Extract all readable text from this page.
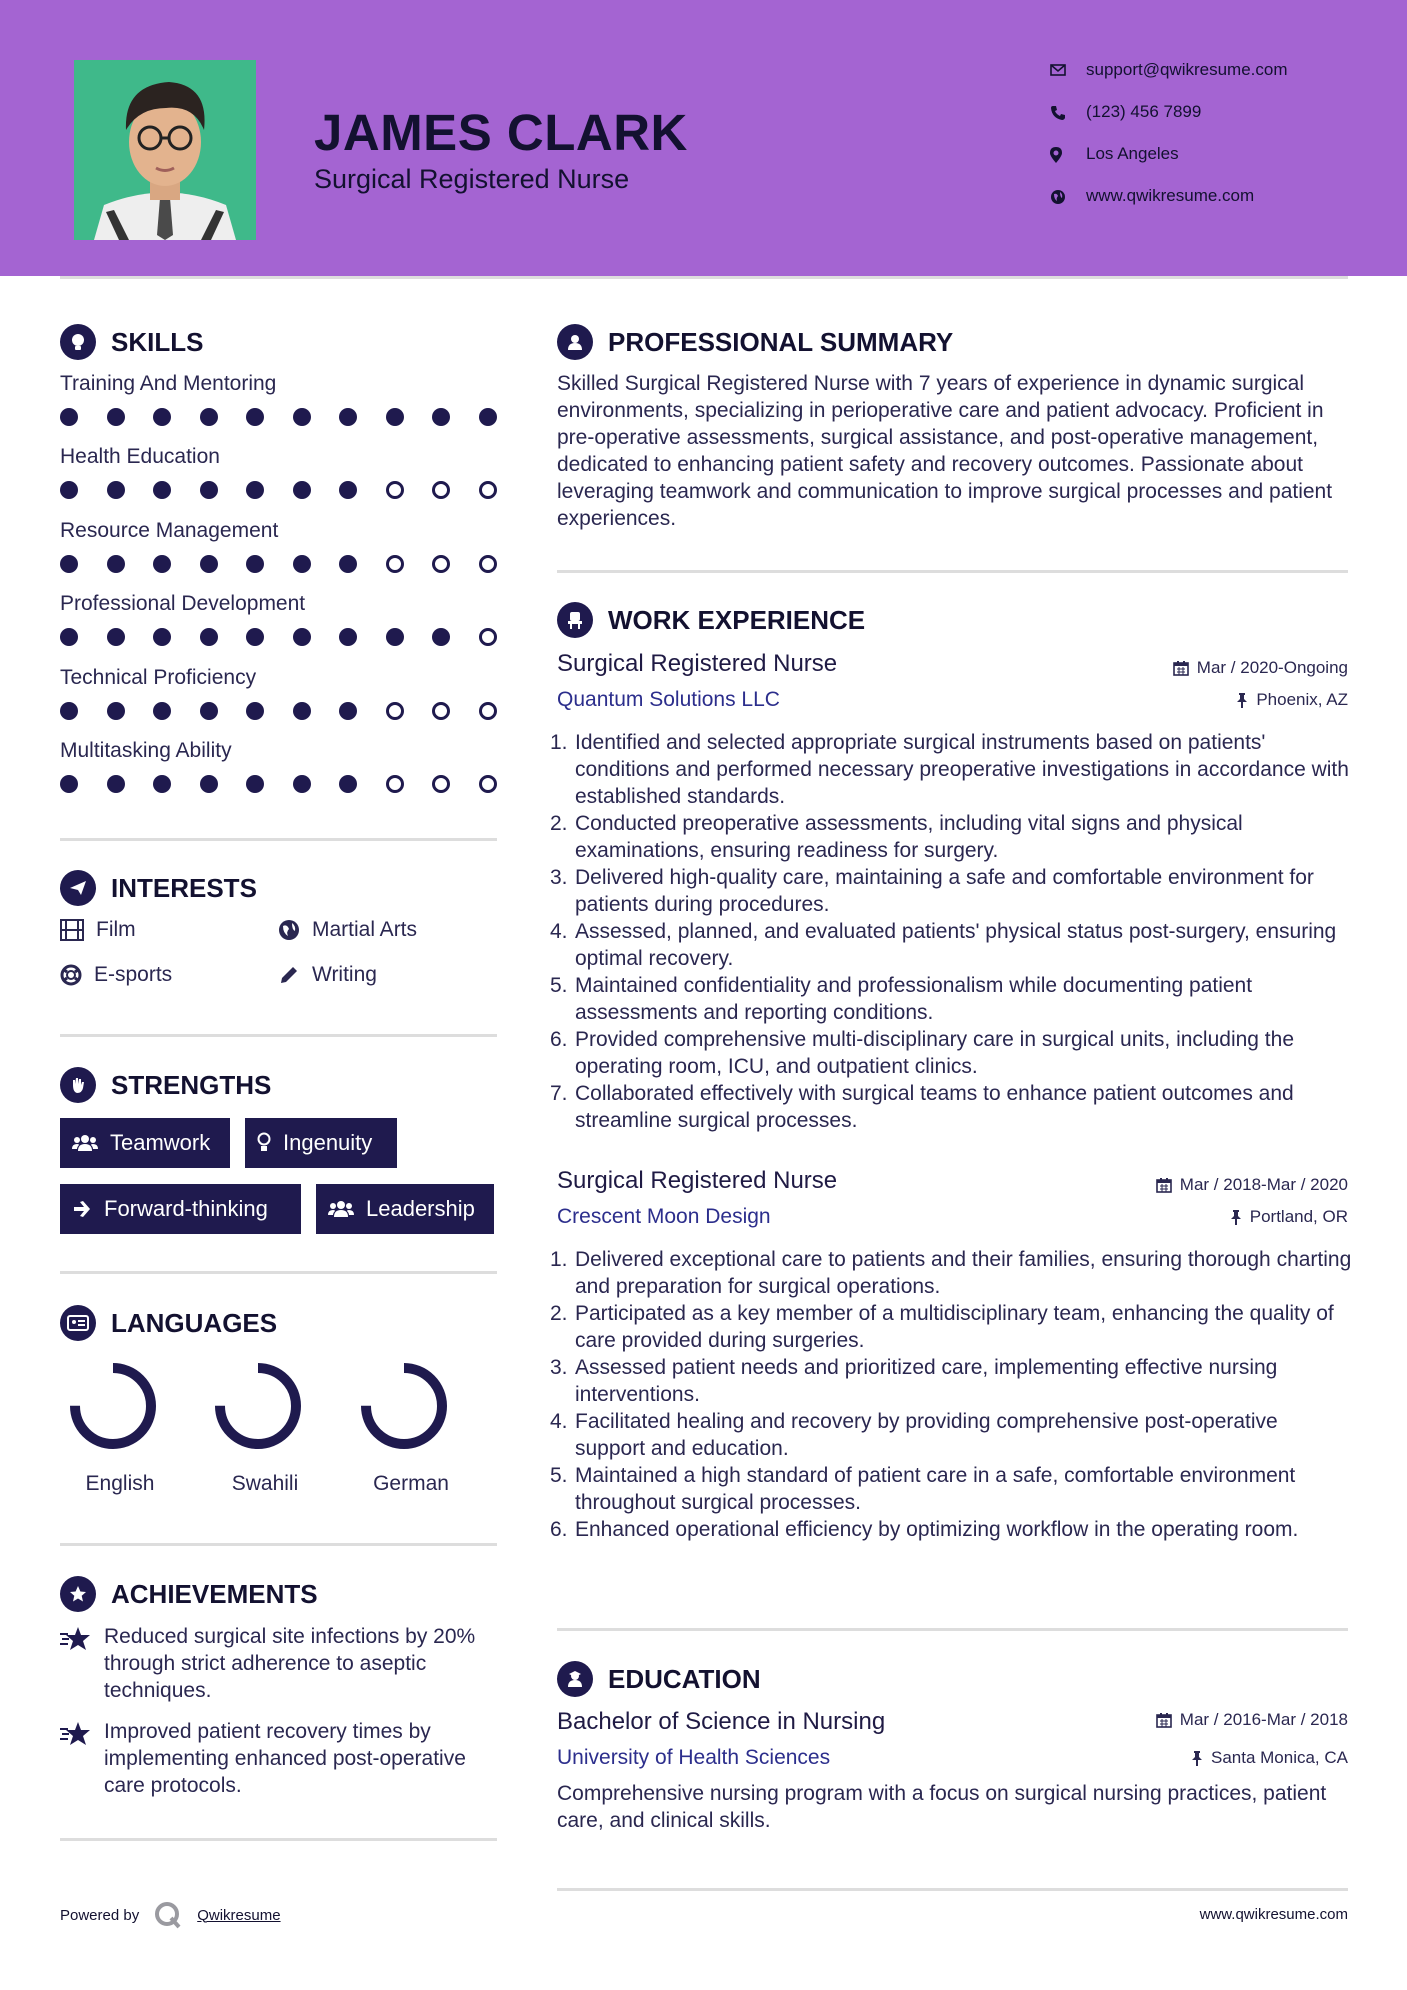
JAMES CLARK
Surgical Registered Nurse
support@qwikresume.com
(123) 456 7899
Los Angeles
www.qwikresume.com
SKILLS
Training And Mentoring
Health Education
Resource Management
Professional Development
Technical Proficiency
Multitasking Ability
INTERESTS
Film	Martial Arts
E-sports	Writing
STRENGTHS
Teamwork	Ingenuity
Forward-thinking	Leadership
LANGUAGES
English	Swahili	German
ACHIEVEMENTS
Reduced surgical site infections by 20% through strict adherence to aseptic techniques.
Improved patient recovery times by implementing enhanced post-operative care protocols.
PROFESSIONAL SUMMARY
Skilled Surgical Registered Nurse with 7 years of experience in dynamic surgical environments, specializing in perioperative care and patient advocacy. Proficient in pre-operative assessments, surgical assistance, and post-operative management, dedicated to enhancing patient safety and recovery outcomes. Passionate about leveraging teamwork and communication to improve surgical processes and patient experiences.
WORK EXPERIENCE
Surgical Registered Nurse
Quantum Solutions LLC
Mar / 2020-Ongoing
Phoenix, AZ
1. Identified and selected appropriate surgical instruments based on patients' conditions and performed necessary preoperative investigations in accordance with established standards.
2. Conducted preoperative assessments, including vital signs and physical examinations, ensuring readiness for surgery.
3. Delivered high-quality care, maintaining a safe and comfortable environment for patients during procedures.
4. Assessed, planned, and evaluated patients' physical status post-surgery, ensuring optimal recovery.
5. Maintained confidentiality and professionalism while documenting patient assessments and reporting conditions.
6. Provided comprehensive multi-disciplinary care in surgical units, including the operating room, ICU, and outpatient clinics.
7. Collaborated effectively with surgical teams to enhance patient outcomes and streamline surgical processes.
Surgical Registered Nurse
Crescent Moon Design
Mar / 2018-Mar / 2020
Portland, OR
1. Delivered exceptional care to patients and their families, ensuring thorough charting and preparation for surgical operations.
2. Participated as a key member of a multidisciplinary team, enhancing the quality of care provided during surgeries.
3. Assessed patient needs and prioritized care, implementing effective nursing interventions.
4. Facilitated healing and recovery by providing comprehensive post-operative support and education.
5. Maintained a high standard of patient care in a safe, comfortable environment throughout surgical processes.
6. Enhanced operational efficiency by optimizing workflow in the operating room.
EDUCATION
Bachelor of Science in Nursing
University of Health Sciences
Mar / 2016-Mar / 2018
Santa Monica, CA
Comprehensive nursing program with a focus on surgical nursing practices, patient care, and clinical skills.
Powered by	Qwikresume	www.qwikresume.com
